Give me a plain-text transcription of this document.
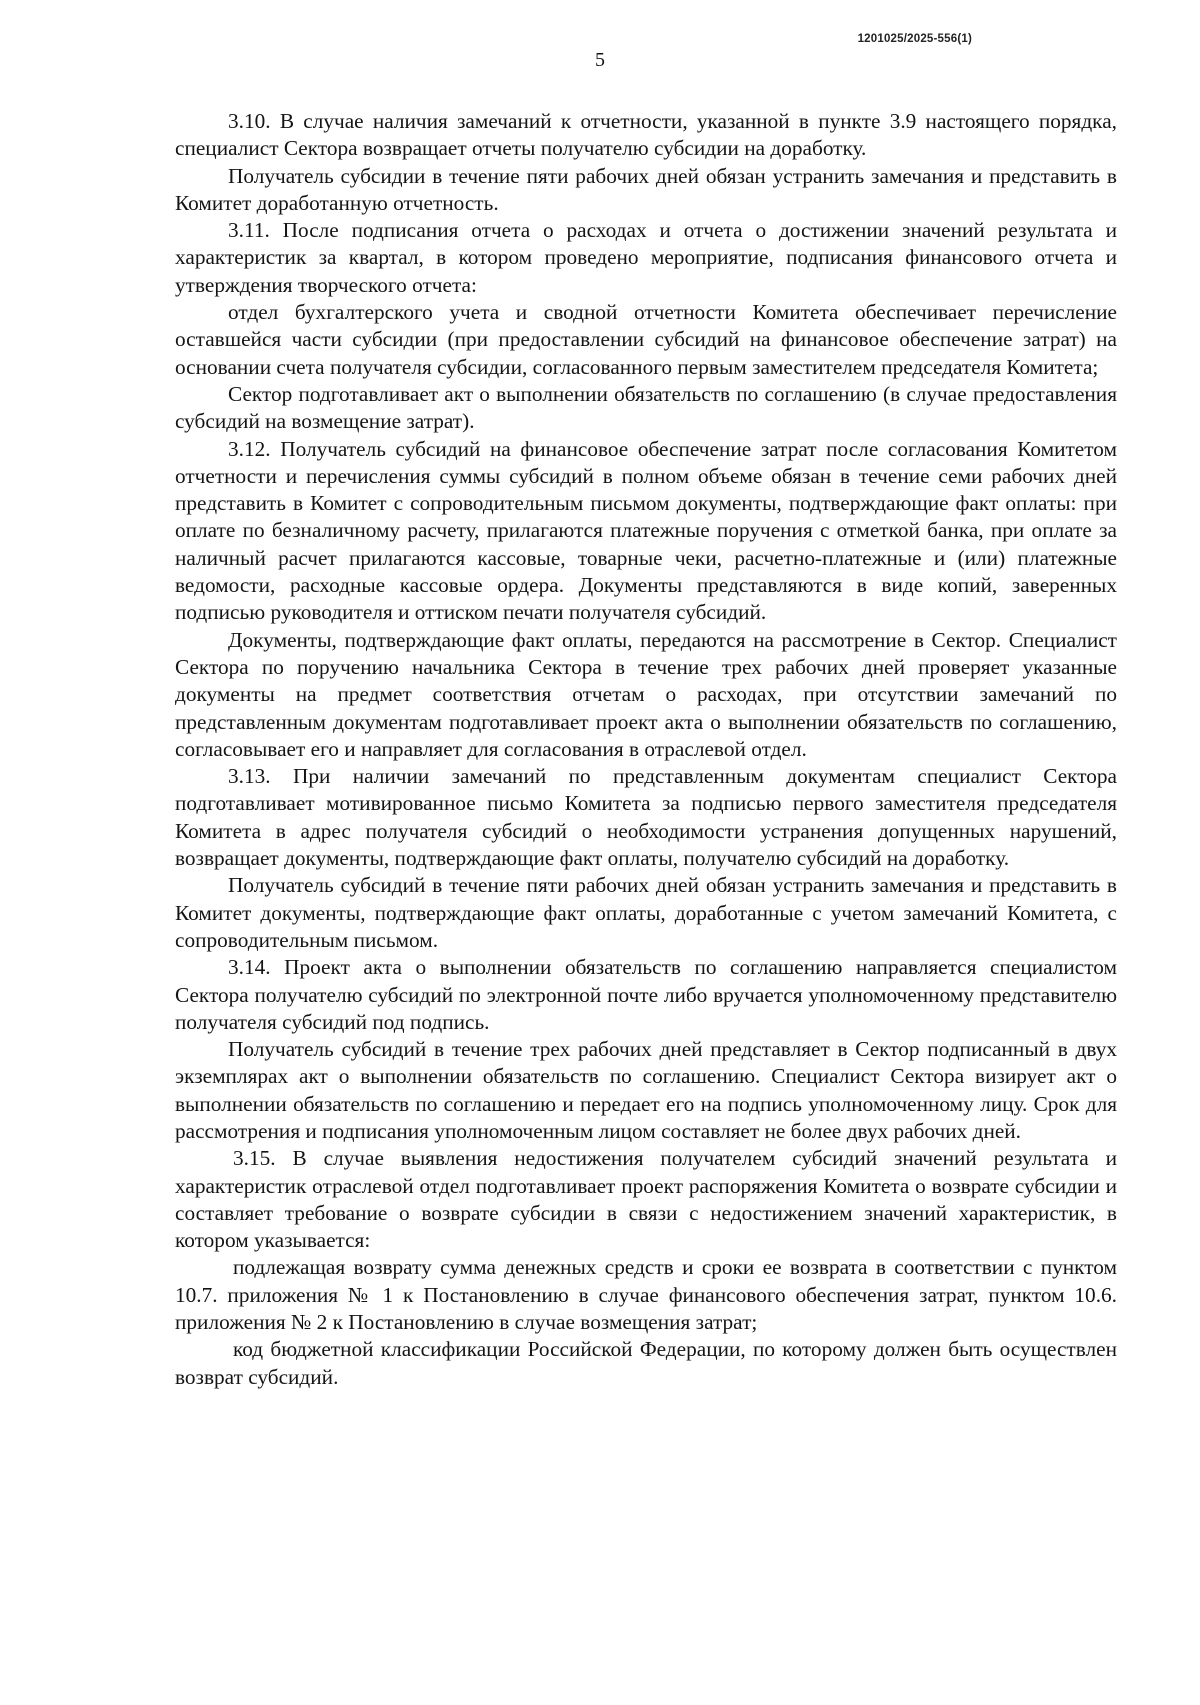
1201025/2025-556(1)
5

3.10. В случае наличия замечаний к отчетности, указанной в пункте 3.9 настоящего порядка, специалист Сектора возвращает отчеты получателю субсидии на доработку.

Получатель субсидии в течение пяти рабочих дней обязан устранить замечания и представить в Комитет доработанную отчетность.

3.11. После подписания отчета о расходах и отчета о достижении значений результата и характеристик за квартал, в котором проведено мероприятие, подписания финансового отчета и утверждения творческого отчета:

отдел бухгалтерского учета и сводной отчетности Комитета обеспечивает перечисление оставшейся части субсидии (при предоставлении субсидий на финансовое обеспечение затрат) на основании счета получателя субсидии, согласованного первым заместителем председателя Комитета;

Сектор подготавливает акт о выполнении обязательств по соглашению (в случае предоставления субсидий на возмещение затрат).

3.12. Получатель субсидий на финансовое обеспечение затрат после согласования Комитетом отчетности и перечисления суммы субсидий в полном объеме обязан в течение семи рабочих дней представить в Комитет с сопроводительным письмом документы, подтверждающие факт оплаты: при оплате по безналичному расчету, прилагаются платежные поручения с отметкой банка, при оплате за наличный расчет прилагаются кассовые, товарные чеки, расчетно-платежные и (или) платежные ведомости, расходные кассовые ордера. Документы представляются в виде копий, заверенных подписью руководителя и оттиском печати получателя субсидий.

Документы, подтверждающие факт оплаты, передаются на рассмотрение в Сектор. Специалист Сектора по поручению начальника Сектора в течение трех рабочих дней проверяет указанные документы на предмет соответствия отчетам о расходах, при отсутствии замечаний по представленным документам подготавливает проект акта о выполнении обязательств по соглашению, согласовывает его и направляет для согласования в отраслевой отдел.

3.13. При наличии замечаний по представленным документам специалист Сектора подготавливает мотивированное письмо Комитета за подписью первого заместителя председателя Комитета в адрес получателя субсидий о необходимости устранения допущенных нарушений, возвращает документы, подтверждающие факт оплаты, получателю субсидий на доработку.

Получатель субсидий в течение пяти рабочих дней обязан устранить замечания и представить в Комитет документы, подтверждающие факт оплаты, доработанные с учетом замечаний Комитета, с сопроводительным письмом.

3.14. Проект акта о выполнении обязательств по соглашению направляется специалистом Сектора получателю субсидий по электронной почте либо вручается уполномоченному представителю получателя субсидий под подпись.

Получатель субсидий в течение трех рабочих дней представляет в Сектор подписанный в двух экземплярах акт о выполнении обязательств по соглашению. Специалист Сектора визирует акт о выполнении обязательств по соглашению и передает его на подпись уполномоченному лицу. Срок для рассмотрения и подписания уполномоченным лицом составляет не более двух рабочих дней.

3.15. В случае выявления недостижения получателем субсидий значений результата и характеристик отраслевой отдел подготавливает проект распоряжения Комитета о возврате субсидии и составляет требование о возврате субсидии в связи с недостижением значений характеристик, в котором указывается:

подлежащая возврату сумма денежных средств и сроки ее возврата в соответствии с пунктом 10.7. приложения № 1 к Постановлению в случае финансового обеспечения затрат, пунктом 10.6. приложения № 2 к Постановлению в случае возмещения затрат;

код бюджетной классификации Российской Федерации, по которому должен быть осуществлен возврат субсидий.
